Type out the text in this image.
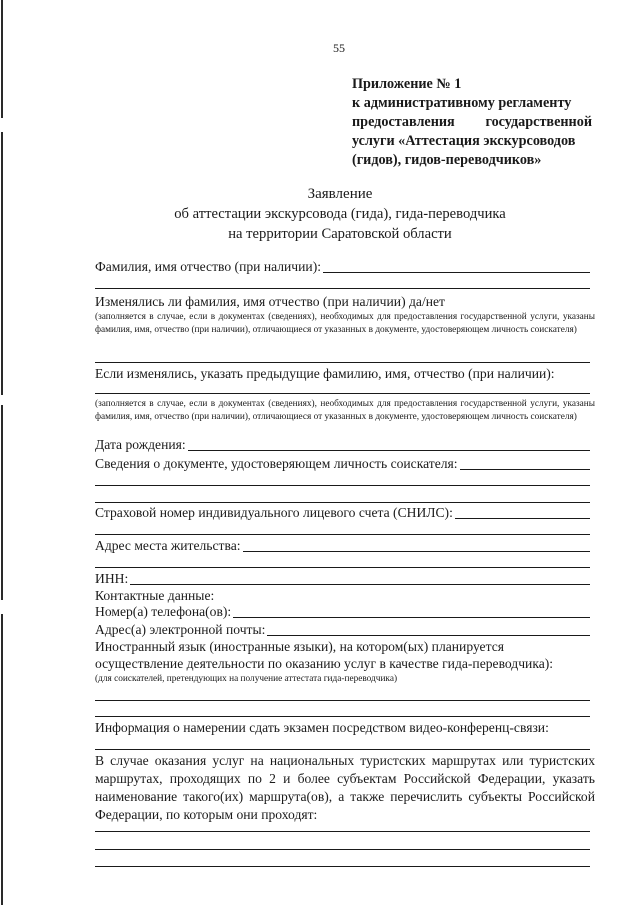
55
Приложение № 1
к административному регламенту
предоставления государственной
услуги «Аттестация экскурсоводов
(гидов), гидов-переводчиков»
Заявление
об аттестации экскурсовода (гида), гида-переводчика
на территории Саратовской области
Фамилия, имя отчество (при наличии):
Изменялись ли фамилия, имя отчество (при наличии) да/нет
(заполняется в случае, если в документах (сведениях), необходимых для предоставления государственной услуги, указаны фамилия, имя, отчество (при наличии), отличающиеся от указанных в документе, удостоверяющем личность соискателя)
Если изменялись, указать предыдущие фамилию, имя, отчество (при наличии):
(заполняется в случае, если в документах (сведениях), необходимых для предоставления государственной услуги, указаны фамилия, имя, отчество (при наличии), отличающиеся от указанных в документе, удостоверяющем личность соискателя)
Дата рождения:
Сведения о документе, удостоверяющем личность соискателя:
Страховой номер индивидуального лицевого счета (СНИЛС):
Адрес места жительства:
ИНН:
Контактные данные:
Номер(а) телефона(ов):
Адрес(а) электронной почты:
Иностранный язык (иностранные языки), на котором(ых) планируется
осуществление деятельности по оказанию услуг в качестве гида-переводчика):
(для соискателей, претендующих на получение аттестата гида-переводчика)
Информация о намерении сдать экзамен посредством видео-конференц-связи:
В случае оказания услуг на национальных туристских маршрутах или туристских маршрутах, проходящих по 2 и более субъектам Российской Федерации, указать наименование такого(их) маршрута(ов), а также перечислить субъекты Российской Федерации, по которым они проходят:
